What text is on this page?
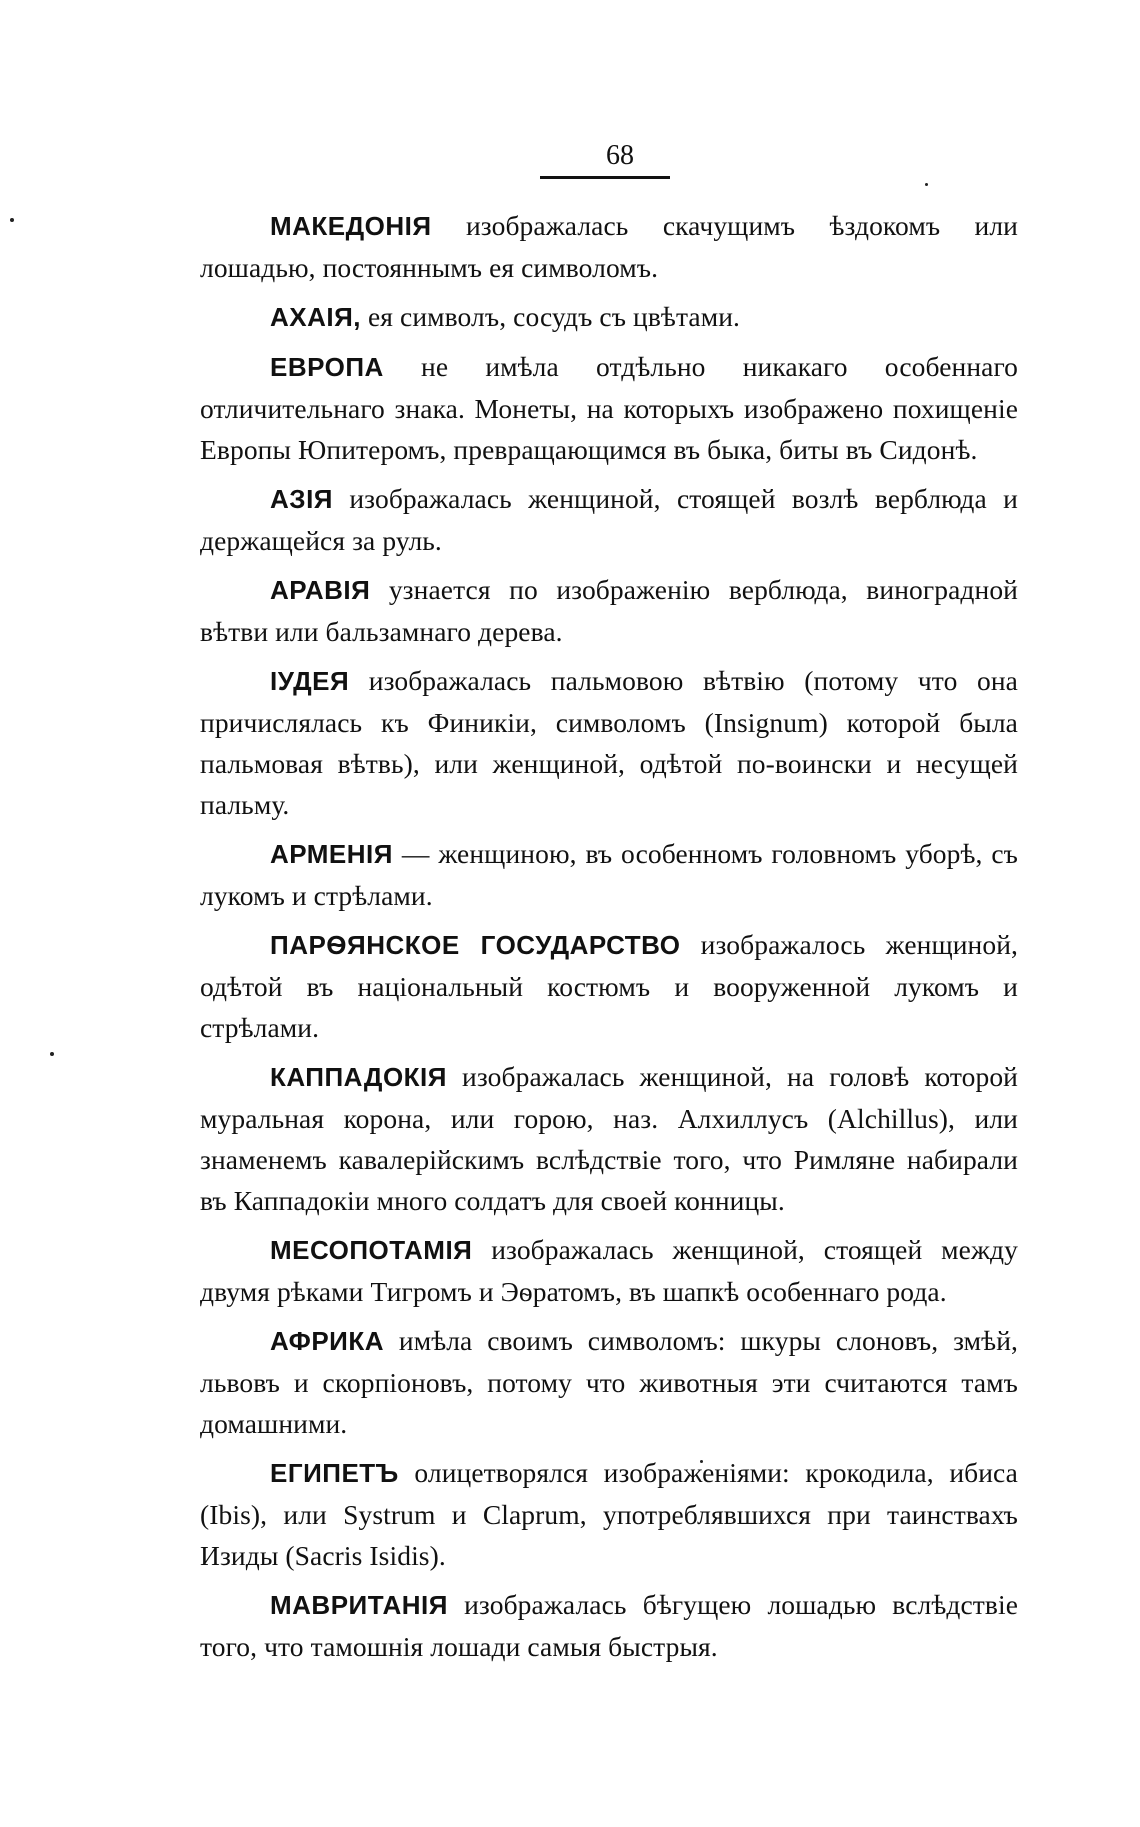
68

МАКЕДОНІЯ изображалась скачущимъ ѣздокомъ или лошадью, постояннымъ ея символомъ.

АХАІЯ, ея символъ, сосудъ съ цвѣтами.

ЕВРОПА не имѣла отдѣльно никакаго особеннаго отличительнаго знака. Монеты, на которыхъ изображено похищеніе Европы Юпитеромъ, превращающимся въ быка, биты въ Сидонѣ.

АЗІЯ изображалась женщиной, стоящей возлѣ верблюда и держащейся за руль.

АРАВІЯ узнается по изображенію верблюда, виноградной вѣтви или бальзамнаго дерева.

ІУДЕЯ изображалась пальмовою вѣтвію (потому что она причислялась къ Финикіи, символомъ (Insignum) которой была пальмовая вѣтвь), или женщиной, одѣтой по-воински и несущей пальму.

АРМЕНІЯ — женщиною, въ особенномъ головномъ уборѣ, съ лукомъ и стрѣлами.

ПАРѲЯНСКОЕ ГОСУДАРСТВО изображалось женщиной, одѣтой въ національный костюмъ и вооруженной лукомъ и стрѣлами.

КАППАДОКІЯ изображалась женщиной, на головѣ которой муральная корона, или горою, наз. Алхиллусъ (Alchillus), или знаменемъ кавалерійскимъ вслѣдствіе того, что Римляне набирали въ Каппадокіи много солдатъ для своей конницы.

МЕСОПОТАМІЯ изображалась женщиной, стоящей между двумя рѣками Тигромъ и Эѳратомъ, въ шапкѣ особеннаго рода.

АФРИКА имѣла своимъ символомъ: шкуры слоновъ, змѣй, львовъ и скорпіоновъ, потому что животныя эти считаются тамъ домашними.

ЕГИПЕТЪ олицетворялся изображеніями: крокодила, ибиса (Ibis), или Systrum и Claprum, употреблявшихся при таинствахъ Изиды (Sacris Isidis).

МАВРИТАНІЯ изображалась бѣгущею лошадью вслѣдствіе того, что тамошнія лошади самыя быстрыя.
